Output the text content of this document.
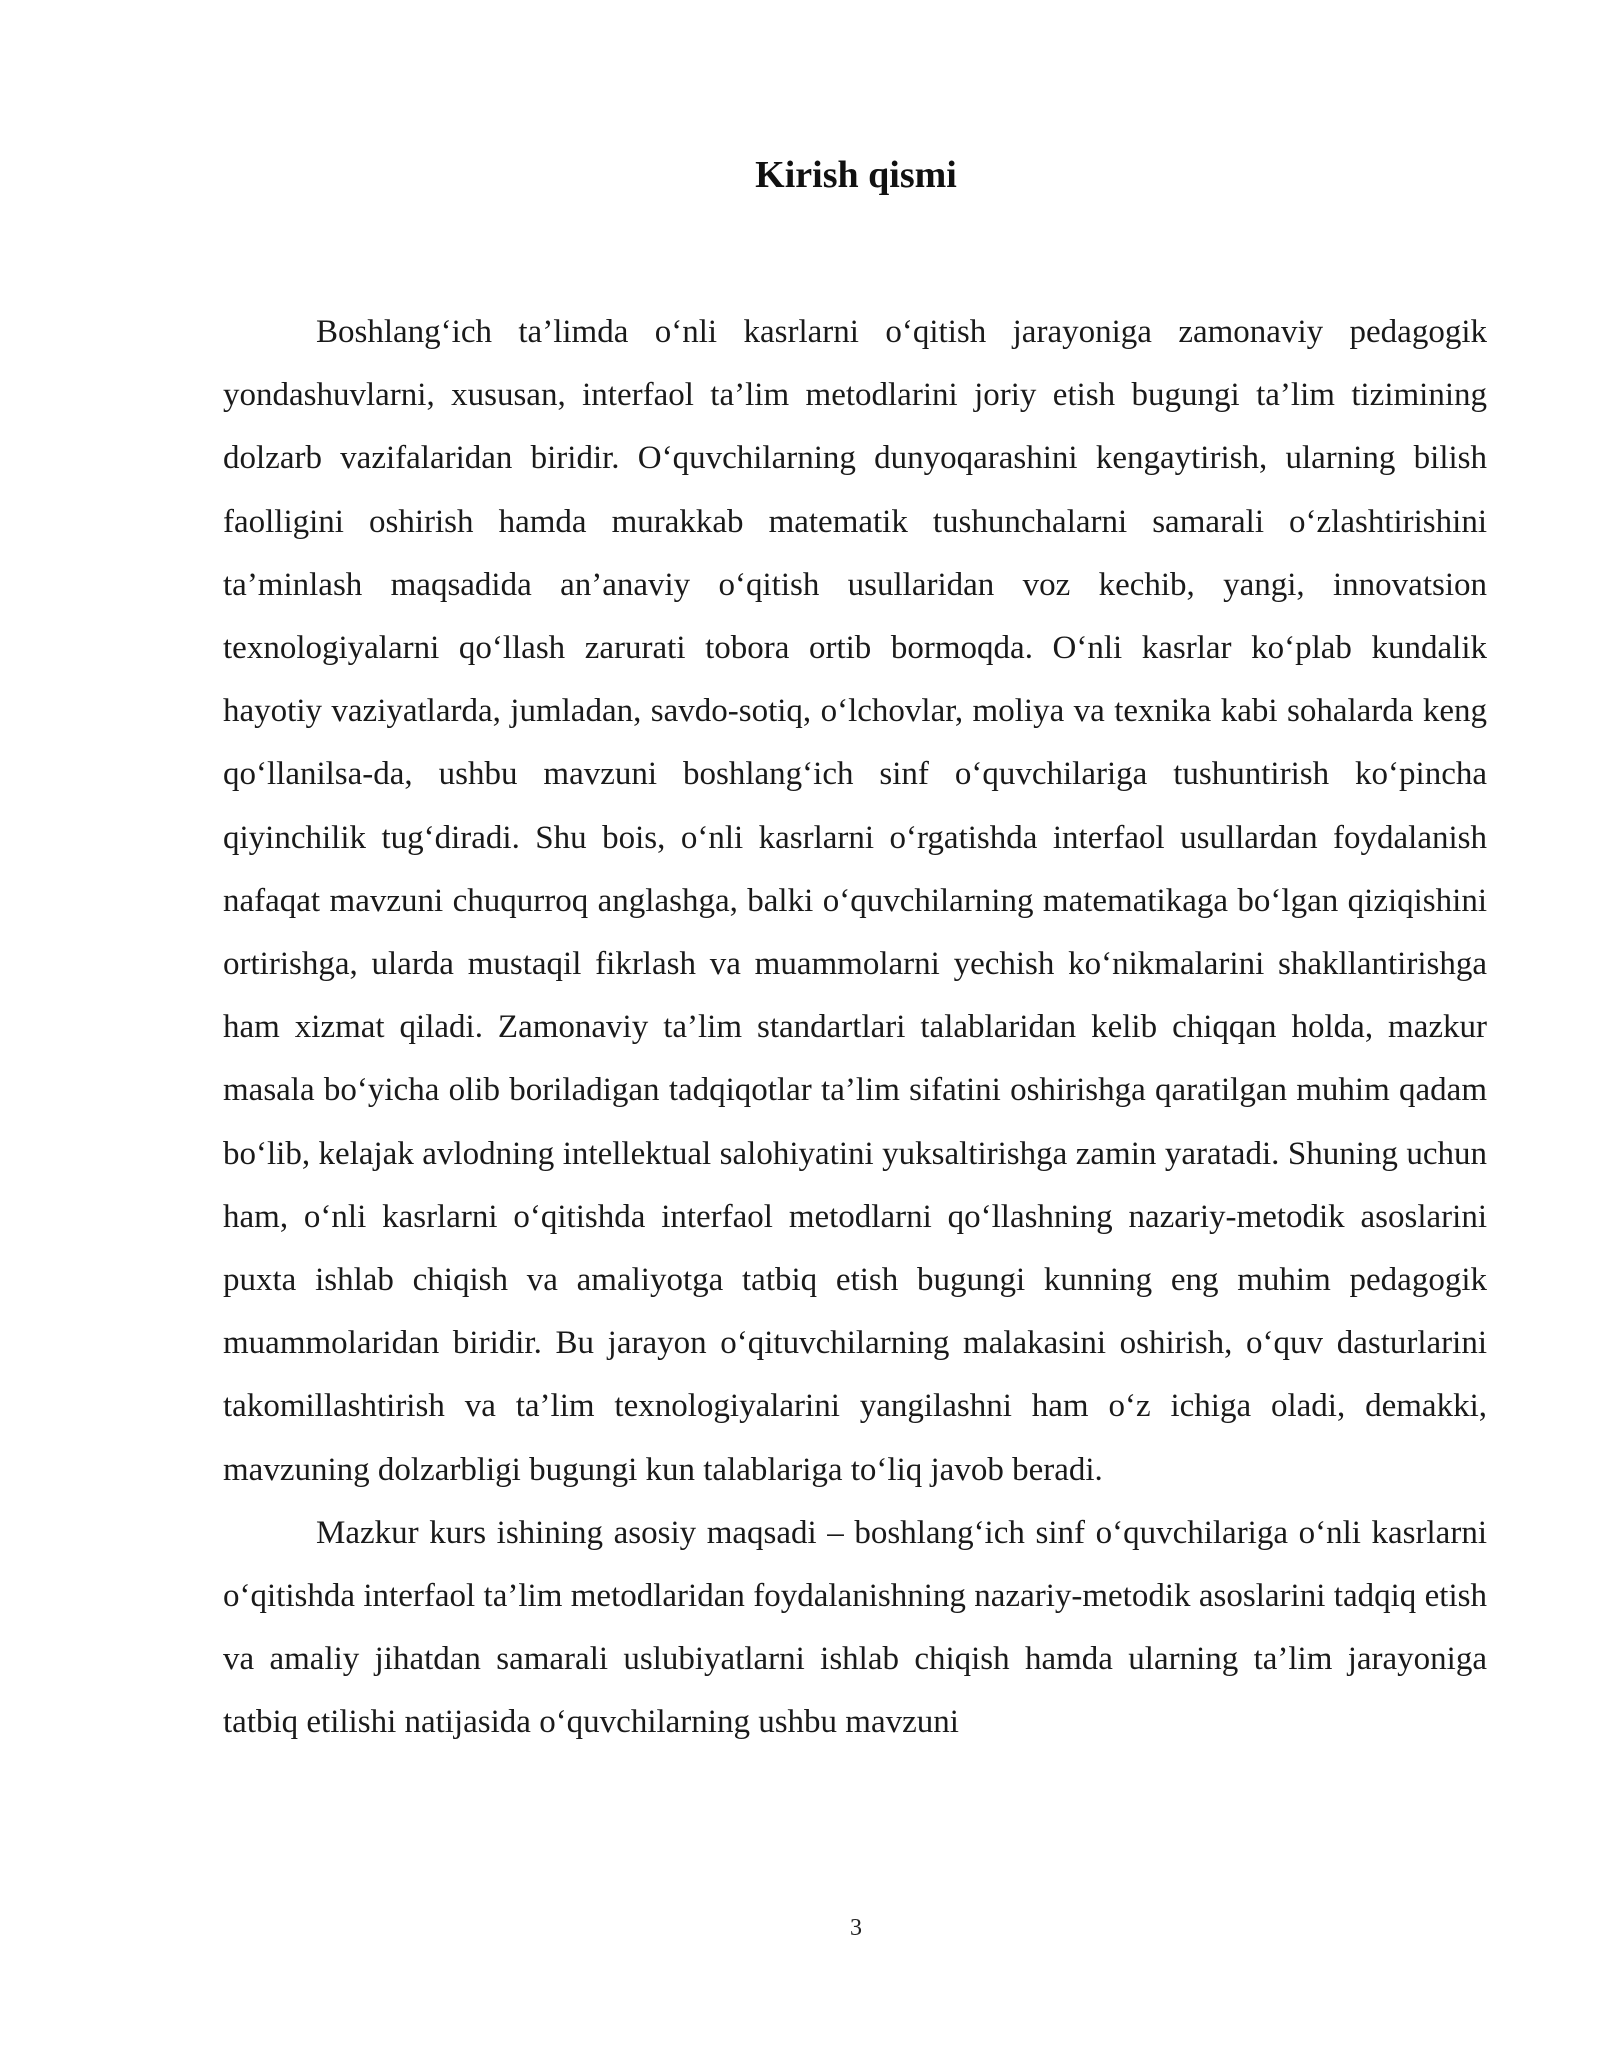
Kirish qismi

Boshlang‘ich ta’limda o‘nli kasrlarni o‘qitish jarayoniga zamonaviy pedagogik yondashuvlarni, xususan, interfaol ta’lim metodlarini joriy etish bugungi ta’lim tizimining dolzarb vazifalaridan biridir. O‘quvchilarning dunyoqarashini kengaytirish, ularning bilish faolligini oshirish hamda murakkab matematik tushunchalarni samarali o‘zlashtirishini ta’minlash maqsadida an’anaviy o‘qitish usullaridan voz kechib, yangi, innovatsion texnologiyalarni qo‘llash zarurati tobora ortib bormoqda. O‘nli kasrlar ko‘plab kundalik hayotiy vaziyatlarda, jumladan, savdo-sotiq, o‘lchovlar, moliya va texnika kabi sohalarda keng qo‘llanilsa-da, ushbu mavzuni boshlang‘ich sinf o‘quvchilariga tushuntirish ko‘pincha qiyinchilik tug‘diradi. Shu bois, o‘nli kasrlarni o‘rgatishda interfaol usullardan foydalanish nafaqat mavzuni chuqurroq anglashga, balki o‘quvchilarning matematikaga bo‘lgan qiziqishini ortirishga, ularda mustaqil fikrlash va muammolarni yechish ko‘nikmalarini shakllantirishga ham xizmat qiladi. Zamonaviy ta’lim standartlari talablaridan kelib chiqqan holda, mazkur masala bo‘yicha olib boriladigan tadqiqotlar ta’lim sifatini oshirishga qaratilgan muhim qadam bo‘lib, kelajak avlodning intellektual salohiyatini yuksaltirishga zamin yaratadi. Shuning uchun ham, o‘nli kasrlarni o‘qitishda interfaol metodlarni qo‘llashning nazariy-metodik asoslarini puxta ishlab chiqish va amaliyotga tatbiq etish bugungi kunning eng muhim pedagogik muammolaridan biridir. Bu jarayon o‘qituvchilarning malakasini oshirish, o‘quv dasturlarini takomillashtirish va ta’lim texnologiyalarini yangilashni ham o‘z ichiga oladi, demakki, mavzuning dolzarbligi bugungi kun talablariga to‘liq javob beradi.

Mazkur kurs ishining asosiy maqsadi – boshlang‘ich sinf o‘quvchilariga o‘nli kasrlarni o‘qitishda interfaol ta’lim metodlaridan foydalanishning nazariy-metodik asoslarini tadqiq etish va amaliy jihatdan samarali uslubiyatlarni ishlab chiqish hamda ularning ta’lim jarayoniga tatbiq etilishi natijasida o‘quvchilarning ushbu mavzuni

3
